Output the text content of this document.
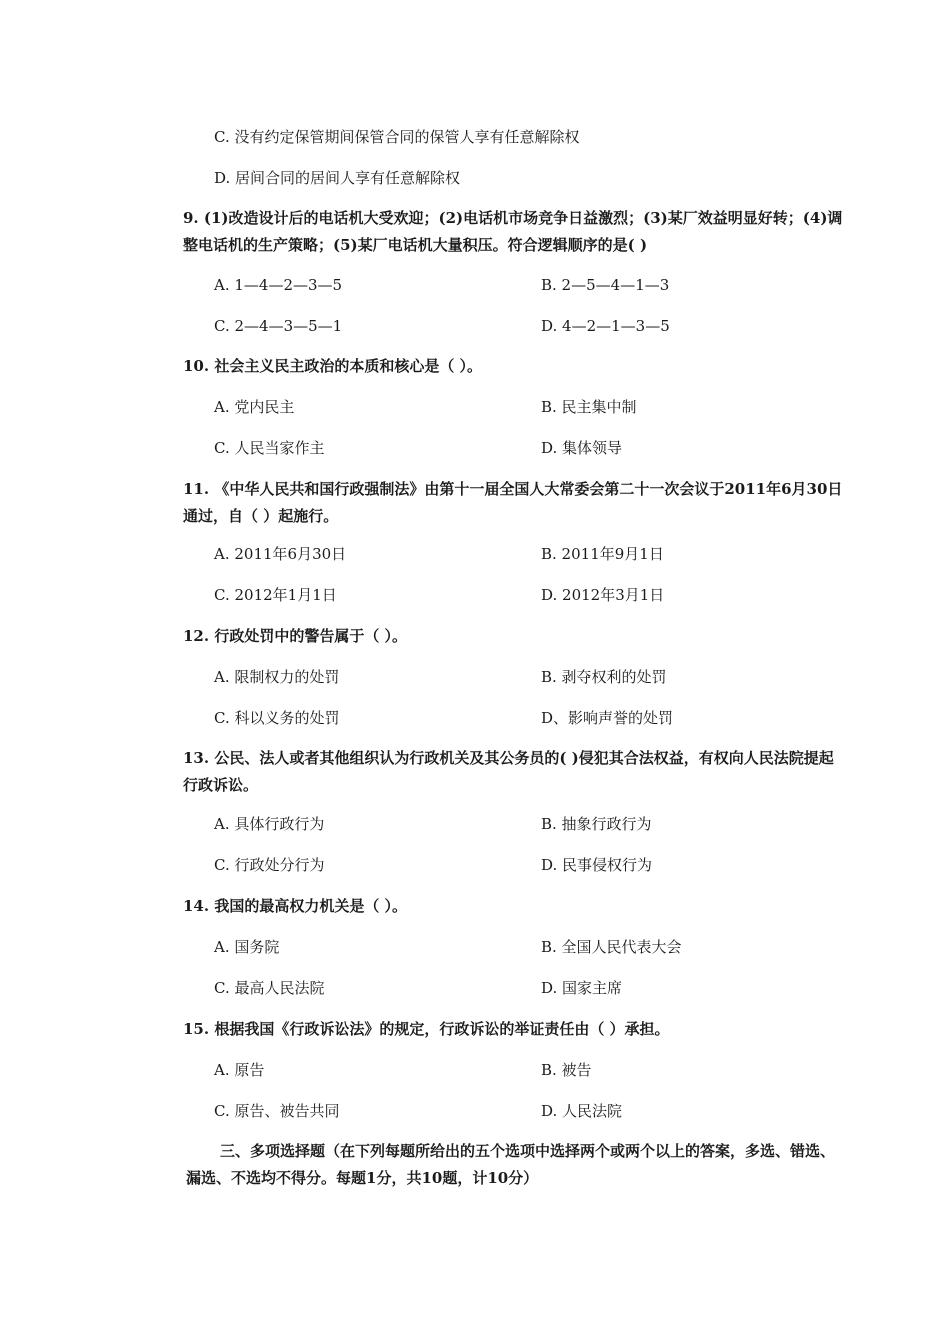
C. 没有约定保管期间保管合同的保管人享有任意解除权
D. 居间合同的居间人享有任意解除权
9. (1)改造设计后的电话机大受欢迎；(2)电话机市场竞争日益激烈；(3)某厂效益明显好转；(4)调整电话机的生产策略；(5)某厂电话机大量积压。符合逻辑顺序的是( )
A. 1—4—2—3—5	B. 2—5—4—1—3
C. 2—4—3—5—1	D. 4—2—1—3—5
10. 社会主义民主政治的本质和核心是（ ）。
A. 党内民主	B. 民主集中制
C. 人民当家作主	D. 集体领导
11. 《中华人民共和国行政强制法》由第十一届全国人大常委会第二十一次会议于2011年6月30日通过，自（ ）起施行。
A. 2011年6月30日	B. 2011年9月1日
C. 2012年1月1日	D. 2012年3月1日
12. 行政处罚中的警告属于（ ）。
A. 限制权力的处罚	B. 剥夺权利的处罚
C. 科以义务的处罚	D、影响声誉的处罚
13. 公民、法人或者其他组织认为行政机关及其公务员的( )侵犯其合法权益，有权向人民法院提起行政诉讼。
A. 具体行政行为	B. 抽象行政行为
C. 行政处分行为	D. 民事侵权行为
14. 我国的最高权力机关是（ ）。
A. 国务院	B. 全国人民代表大会
C. 最高人民法院	D. 国家主席
15. 根据我国《行政诉讼法》的规定，行政诉讼的举证责任由（ ）承担。
A. 原告	B. 被告
C. 原告、被告共同	D. 人民法院
三、多项选择题（在下列每题所给出的五个选项中选择两个或两个以上的答案，多选、错选、漏选、不选均不得分。每题1分，共10题，计10分）
